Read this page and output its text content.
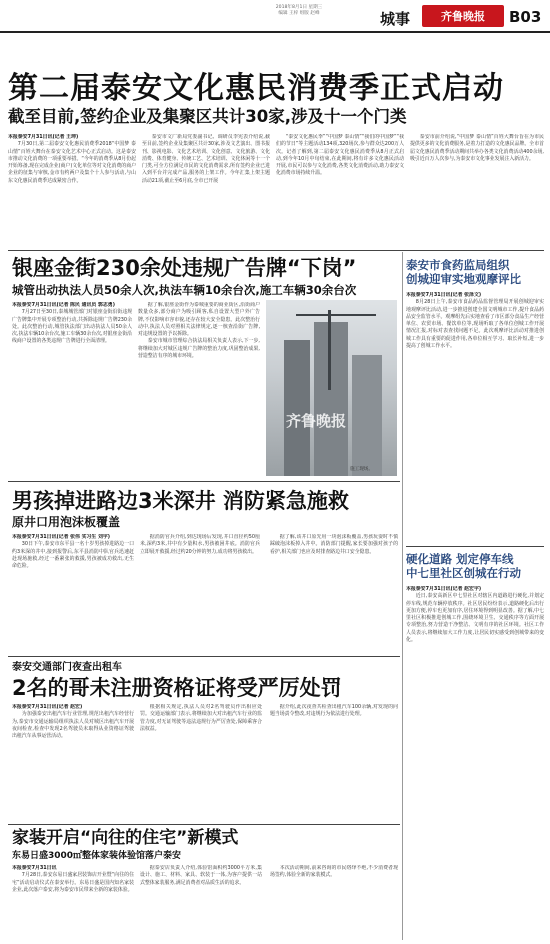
2018年8月1日 星期三
编辑 王梓 组版 赵峰	城事	齐鲁晚报	B03
第二届泰安文化惠民消费季正式启动
截至目前,签约企业及集聚区共计30家,涉及十一个门类
本报泰安7月31日讯(记者 王坤)

7月30日,第二届泰安文化惠民消费季2018“中国梦 泰山情”百姓大舞台在泰安文化艺术中心正式启动。这是泰安市推动文化消费的一项重要举措。“今年的消费季从8月份起开始筹备,现在完成企业(商户)文化单位等对文化消费的商户企业的征集与审核,金市有约两户及集个十人参与活动,与山东文化惠民消费季达成紧密合作。

泰安市文广新局党委副书记、调研员李宪表介绍说,截至目前,签约企业及集聚区共计30家,涉及文艺演出、图书报刊、影视电影、文化艺术培训、文化创意、文化旅游、文化消费、体育健身、传统工艺、艺术培训、文化休闲等十一个门类,可全方位满足市民的文化消费需求,所有签约企业已进入到平台并完成产品,服务的上架工作。今年汇集上架主题活动21项,截止至6月底,全市已开展

“泰安文化惠民季”“中国梦 泰山情”“我们的中国梦”“我们的节日”等主题活动134项,320场次,参与群众达200万人次。记者了解到,第二届泰安文化惠民消费季从8月正式启动,到今年10月中旬结束,在此期间,将有许多文化惠民活动开展,市民可以参与文化消费,各类文化消费活动,助力泰安文化消费市场持续升温。

泰安市前介绍说,“中国梦 泰山情”百姓大舞台旨在为市民提供更多的文化消费服务,是着力打造的文化惠民品牌。全市首届文化惠民消费季活动期间共举办各类文化消费活动400余场,吸引近百万人次参与,为泰安市文化事业发展注入新活力。

银座金街230余处违规广告牌“下岗”
城管出动执法人员50余人次,执法车辆10余台次,施工车辆30余台次
本报泰安7月31日讯(记者 陈民 通讯员 郭志勇)

7月27日至30日,泰城城管部门对银座金街沿街违规广告牌集中开展专项整治行动,共拆除违规广告牌230余处。此次整治行动,城管执法部门出动执法人员50余人次,执法车辆10余台次,施工车辆30余台次,对银座金街沿线商户设置的各类违规广告牌进行全面清理。

据了解,银座金街作为泰城重要的商业街区,沿街商户数量众多,部分商户为吸引顾客,私自设置大型户外广告牌,不仅影响市容市貌,还存在较大安全隐患。此次整治行动中,执法人员对照相关法律规定,逐一核查沿街广告牌,对违规设置的予以拆除。

泰安市城市管理综合执法局相关负责人表示,下一步,将继续加大对城区违规广告牌的整治力度,巩固整治成果,营造整洁有序的城市环境。

齐鲁晚报
施工现场。
男孩掉进路边3米深井 消防紧急施救
原井口用泡沫板覆盖
本报泰安7月31日讯(记者 张伟 实习生 刘宇)

30日下午,泰安市东平县一名十岁男孩掉进路边一口约3米深的井中,接到报警后,东平县消防中队官兵迅速赶赴现场施救,经过一番紧张的救援,男孩被成功救出,无生命危险。

据消防官兵介绍,到达现场后发现,井口直径约50厘米,深约3米,井中有少量积水,男孩被困井底。消防官兵立即展开救援,经过约20分钟的努力,成功将男孩救出。

据了解,该井口原先用一块泡沫板覆盖,男孩玩耍时不慎踩破泡沫板掉入井中。消防部门提醒,家长要加强对孩子的看护,相关部门也应及时排查路边井口安全隐患。

泰安交通部门夜查出租车
2名的哥未注册资格证将受严厉处罚
本报泰安7月31日讯(记者 赵宏)

为加强泰安出租汽车行业管理,规范出租汽车经营行为,泰安市交通运输局组织执法人员对城区出租汽车开展夜间检查,检查中发现2名驾驶员未取得从业资格证驾驶出租汽车从事运营活动。

根据相关规定,执法人员对2名驾驶员作出相应处罚。交通运输部门表示,将继续加大对出租汽车行业的监管力度,对无证驾驶等违法违规行为严厉查处,保障乘客合法权益。

据介绍,此次夜查共检查出租汽车100余辆,对发现的问题当场责令整改,对违规行为依法进行处理。

家装开启“向往的住宅”新模式
东易日盛3000㎡整体家装体验馆落户泰安
本报泰安7月31日讯

7月28日,泰安东易日盛家居装饰店开业暨“向往的住宅”活动启动仪式在泰安举行。东易日盛是国内知名家装企业,此次落户泰安,将为泰安市民带来全新的家装体验。

据泰安店负责人介绍,体验馆面积约3000平方米,集设计、施工、材料、家具、软装于一体,为客户提供一站式整体家装服务,满足消费者对品质生活的追求。

本次活动期间,前来咨询的市民络绎不绝,不少消费者现场签约,体验全新的家装模式。

泰安市食药监局组织
创城迎审实地观摩评比
本报泰安7月31日讯(记者 张泽文)

8月28日上午,泰安市食品药品监督管理局开展创城迎审实地观摩评比活动,进一步推进创建全国文明城市工作,提升食品药品安全监管水平。观摩组先后实地查看了市区部分食品生产经营单位、农贸市场、餐饮单位等,现场听取了各单位创城工作开展情况汇报,对标对表查找问题不足。此次观摩评比活动对推进创城工作具有重要的促进作用,各单位相互学习、取长补短,进一步提高了创城工作水平。

硬化道路 划定停车线
中七里社区创城在行动
本报泰安7月31日讯(记者 赵宏宇)

近日,泰安高新区中七里社区对辖区内道路进行硬化,并划定停车线,规范车辆停放秩序。社区居民纷纷表示,道路硬化后出行更加方便,停车也更加有序,居住环境得到明显改善。据了解,中七里社区积极推进创城工作,围绕环境卫生、交通秩序等方面开展专项整治,努力营造干净整洁、文明有序的社区环境。社区工作人员表示,将继续加大工作力度,让居民切实感受到创城带来的变化。
